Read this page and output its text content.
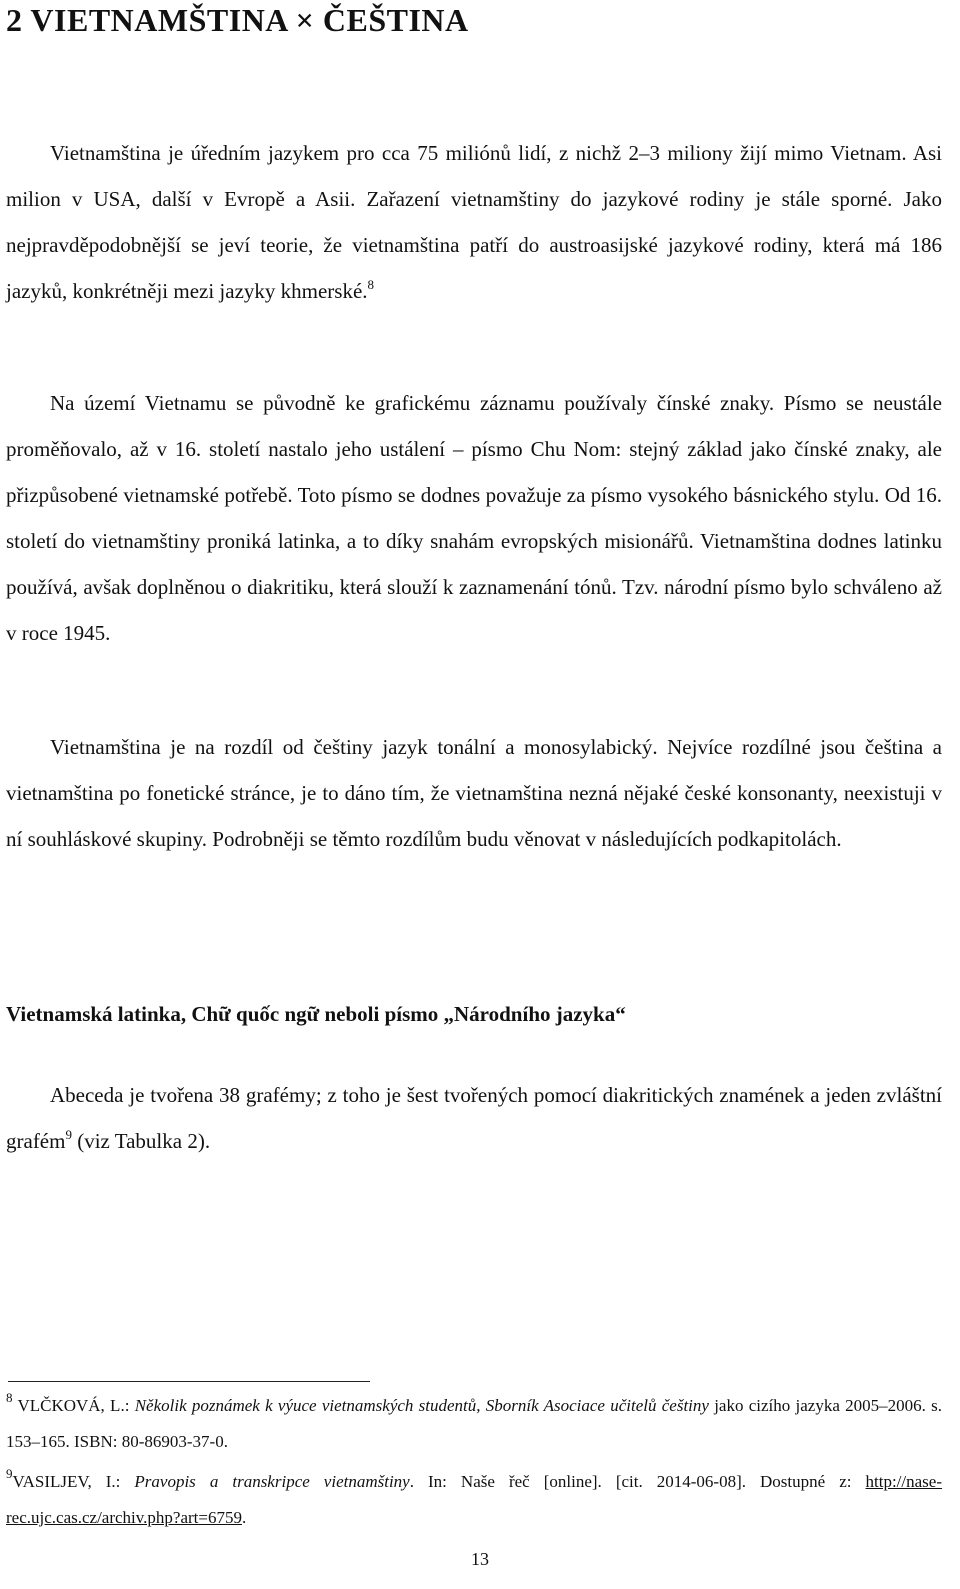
2 VIETNAMŠTINA × ČEŠTINA

Vietnamština je úředním jazykem pro cca 75 miliónů lidí, z nichž 2–3 miliony žijí mimo Vietnam. Asi milion v USA, další v Evropě a Asii. Zařazení vietnamštiny do jazykové rodiny je stále sporné. Jako nejpravděpodobnější se jeví teorie, že vietnamština patří do austroasijské jazykové rodiny, která má 186 jazyků, konkrétněji mezi jazyky khmerské.$^8$

Na území Vietnamu se původně ke grafickému záznamu používaly čínské znaky. Písmo se neustále proměňovalo, až v 16. století nastalo jeho ustálení – písmo Chu Nom: stejný základ jako čínské znaky, ale přizpůsobené vietnamské potřebě. Toto písmo se dodnes považuje za písmo vysokého básnického stylu. Od 16. století do vietnamštiny proniká latinka, a to díky snahám evropských misionářů. Vietnamština dodnes latinku používá, avšak doplněnou o diakritiku, která slouží k zaznamenání tónů. Tzv. národní písmo bylo schváleno až v roce 1945.

Vietnamština je na rozdíl od češtiny jazyk tonální a monosylabický. Nejvíce rozdílné jsou čeština a vietnamština po fonetické stránce, je to dáno tím, že vietnamština nezná nějaké české konsonanty, neexistuji v ní souhláskové skupiny. Podrobněji se těmto rozdílům budu věnovat v následujících podkapitolách.

Vietnamská latinka, Chữ quốc ngữ neboli písmo „Národního jazyka“

Abeceda je tvořena 38 grafémy; z toho je šest tvořených pomocí diakritických znamének a jeden zvláštní grafém$^9$ (viz Tabulka 2).

$^8$ VLČKOVÁ, L.: Několik poznámek k výuce vietnamských studentů, Sborník Asociace učitelů češtiny jako cizího jazyka 2005–2006. s. 153–165. ISBN: 80-86903-37-0.

$^9$VASILJEV, I.: Pravopis a transkripce vietnamštiny. In: Naše řeč [online]. [cit. 2014-06-08]. Dostupné z: http://nase-rec.ujc.cas.cz/archiv.php?art=6759.

13
